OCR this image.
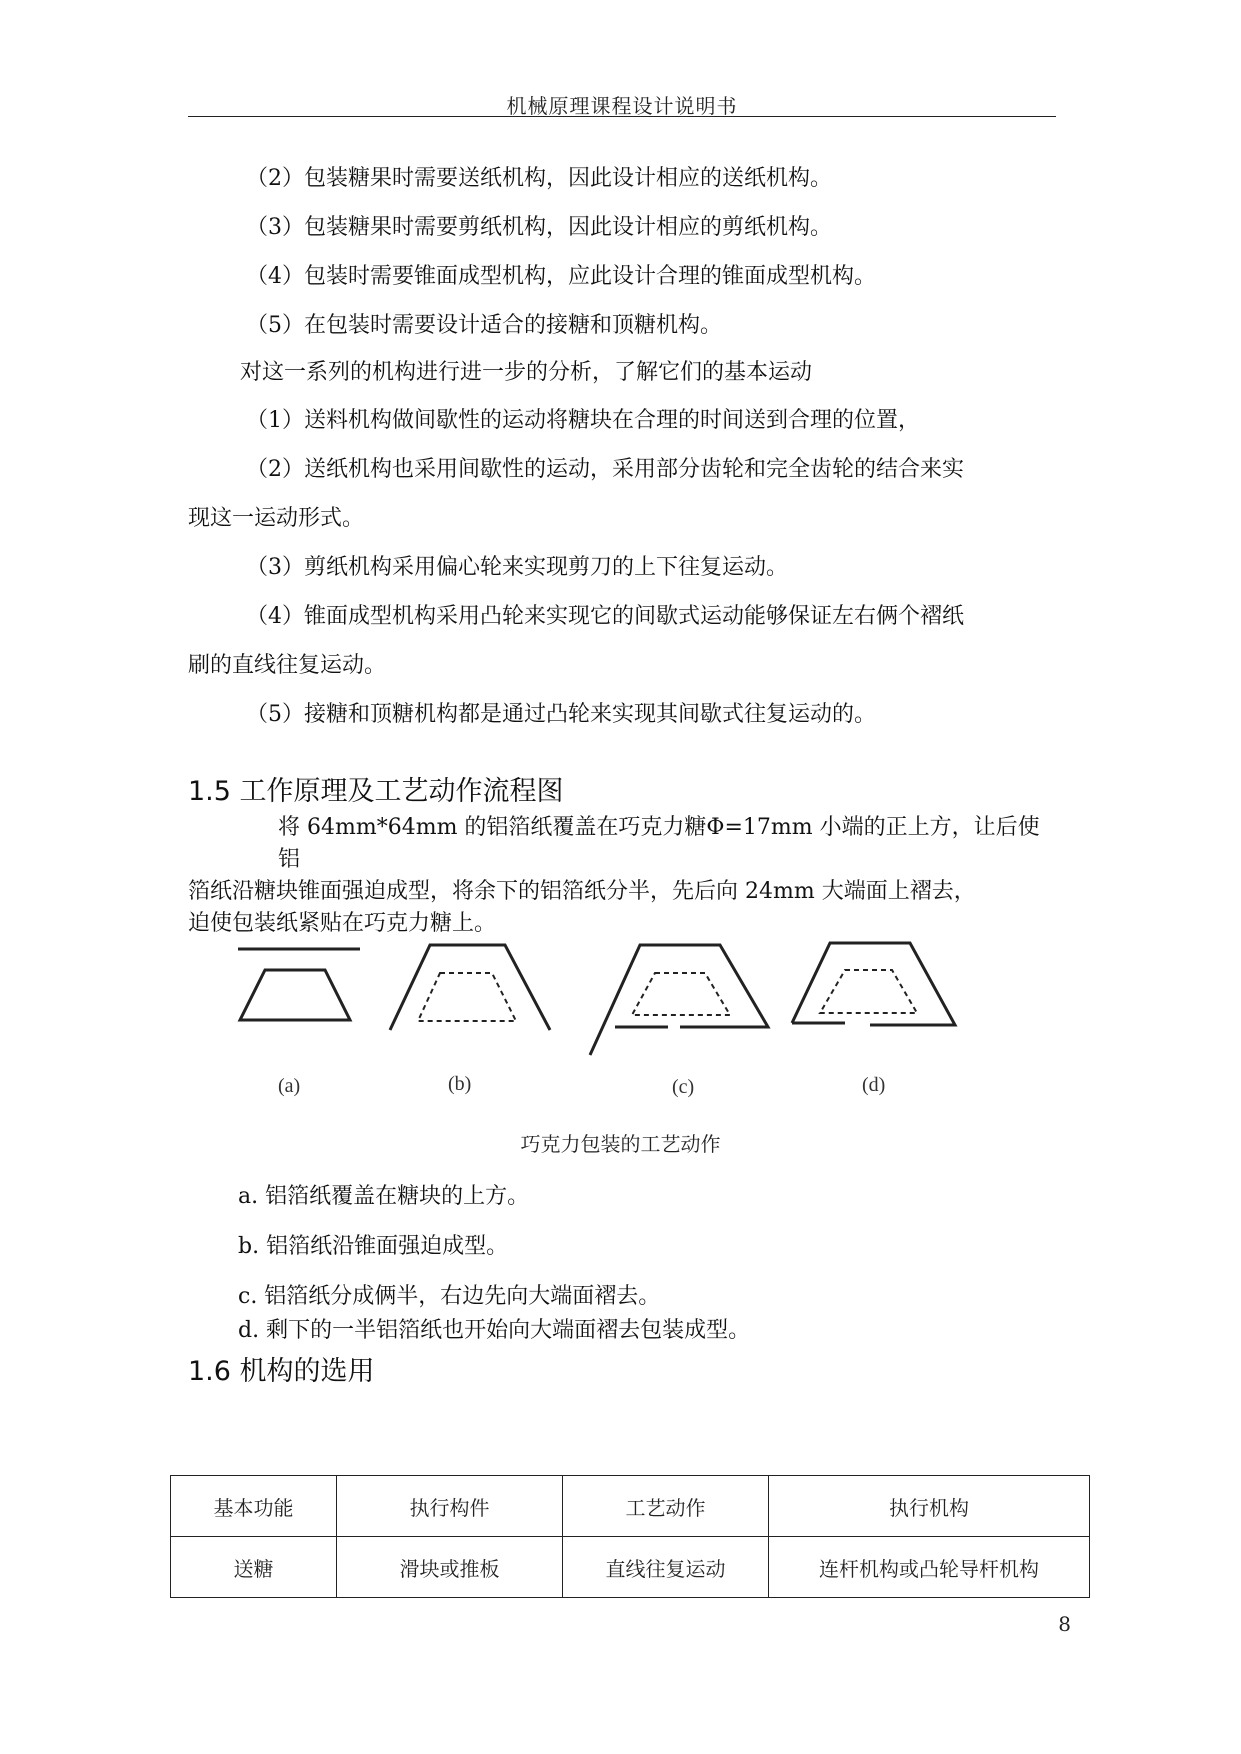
机械原理课程设计说明书
（2）包装糖果时需要送纸机构，因此设计相应的送纸机构。
（3）包装糖果时需要剪纸机构，因此设计相应的剪纸机构。
（4）包装时需要锥面成型机构，应此设计合理的锥面成型机构。
（5）在包装时需要设计适合的接糖和顶糖机构。
对这一系列的机构进行进一步的分析，了解它们的基本运动
（1）送料机构做间歇性的运动将糖块在合理的时间送到合理的位置，
（2）送纸机构也采用间歇性的运动，采用部分齿轮和完全齿轮的结合来实
现这一运动形式。
（3）剪纸机构采用偏心轮来实现剪刀的上下往复运动。
（4）锥面成型机构采用凸轮来实现它的间歇式运动能够保证左右俩个褶纸
刷的直线往复运动。
（5）接糖和顶糖机构都是通过凸轮来实现其间歇式往复运动的。
1.5 工作原理及工艺动作流程图
将 64mm*64mm 的铝箔纸覆盖在巧克力糖Φ=17mm 小端的正上方，让后使铝
箔纸沿糖块锥面强迫成型，将余下的铝箔纸分半，先后向 24mm 大端面上褶去，
迫使包装纸紧贴在巧克力糖上。
(a)	(b)	(c)	(d)
巧克力包装的工艺动作
a. 铝箔纸覆盖在糖块的上方。
b. 铝箔纸沿锥面强迫成型。
c. 铝箔纸分成俩半，右边先向大端面褶去。
d. 剩下的一半铝箔纸也开始向大端面褶去包装成型。
1.6 机构的选用
基本功能	执行构件	工艺动作	执行机构
送糖	滑块或推板	直线往复运动	连杆机构或凸轮导杆机构
8
